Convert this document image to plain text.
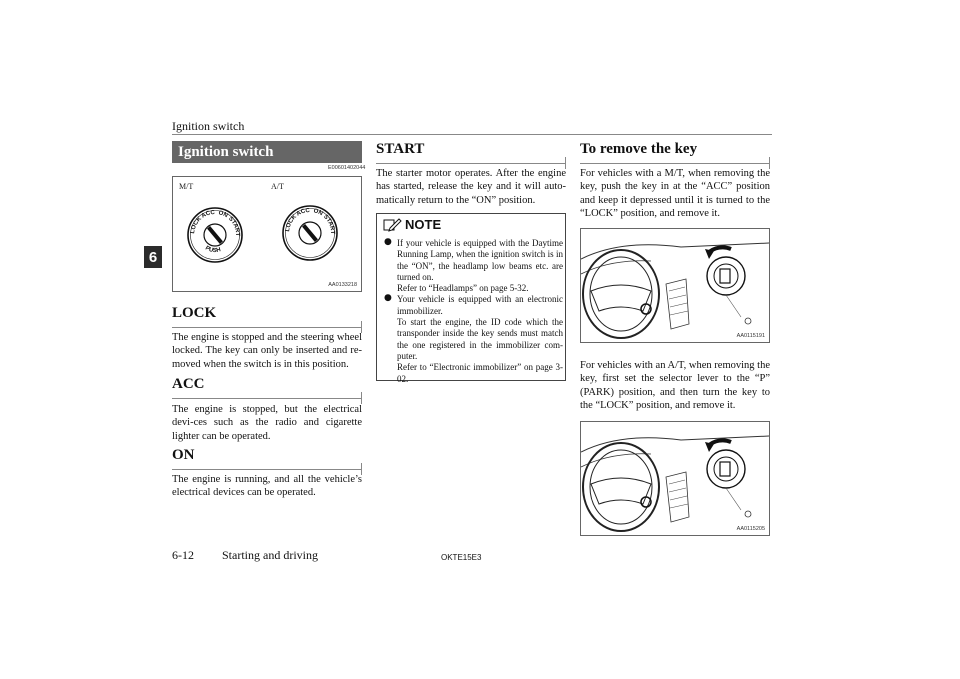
Ignition switch
6
Ignition switch
E00601402044
M/T	A/T
LOCK
ACC ON
START
PUSH
LOCK
ACC ON
START
AA0133218
LOCK
The engine is stopped and the steering wheel locked. The key can only be inserted and re-moved when the switch is in this position.
ACC
The engine is stopped, but the electrical devi-ces such as the radio and cigarette lighter can be operated.
ON
The engine is running, and all the vehicle’s electrical devices can be operated.
START
The starter motor operates. After the engine has started, release the key and it will auto-matically return to the “ON” position.
NOTE
● If your vehicle is equipped with the Daytime Running Lamp, when the ignition switch is in the “ON”, the headlamp low beams etc. are turned on.
Refer to “Headlamps” on page 5-32.
● Your vehicle is equipped with an electronic immobilizer.
To start the engine, the ID code which the transponder inside the key sends must match the one registered in the immobilizer com-puter.
Refer to “Electronic immobilizer” on page 3-02.
To remove the key
For vehicles with a M/T, when removing the key, push the key in at the “ACC” position and keep it depressed until it is turned to the “LOCK” position, and remove it.
AA0115191
For vehicles with an A/T, when removing the key, first set the selector lever to the “P” (PARK) position, and then turn the key to the “LOCK” position, and remove it.
AA0115205
6-12 Starting and driving	OKTE15E3
